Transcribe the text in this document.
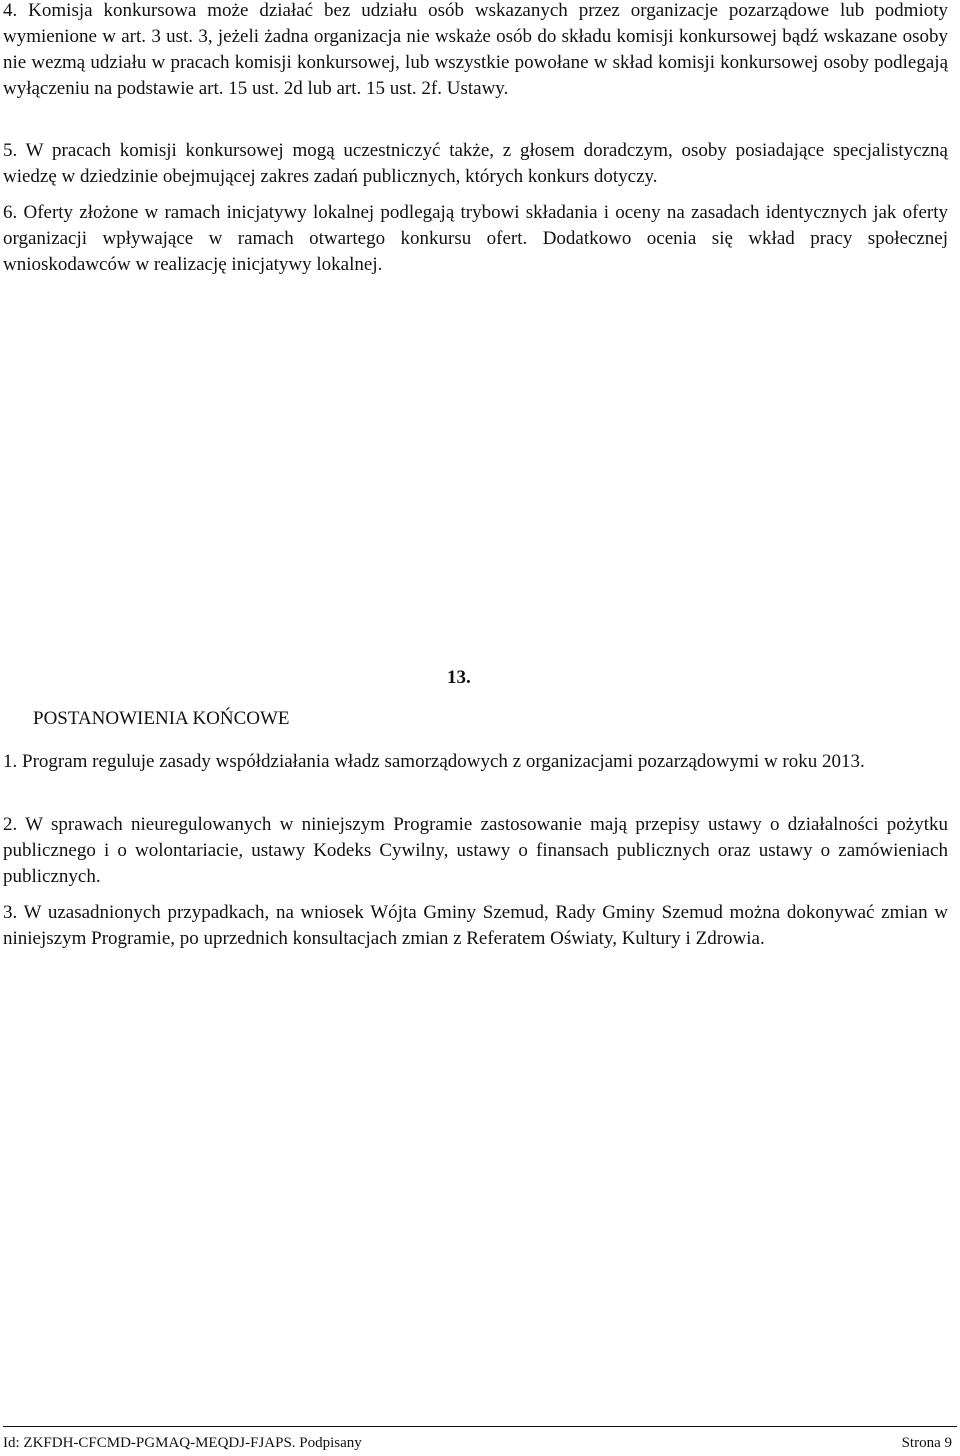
4. Komisja konkursowa może działać bez udziału osób wskazanych przez organizacje pozarządowe lub podmioty wymienione w art. 3 ust. 3, jeżeli żadna organizacja nie wskaże osób do składu komisji konkursowej bądź wskazane osoby nie wezmą udziału w pracach komisji konkursowej, lub wszystkie powołane w skład komisji konkursowej osoby podlegają wyłączeniu na podstawie art. 15 ust. 2d lub art. 15 ust. 2f. Ustawy.

5. W pracach komisji konkursowej mogą uczestniczyć także, z głosem doradczym, osoby posiadające specjalistyczną wiedzę w dziedzinie obejmującej zakres zadań publicznych, których konkurs dotyczy.

6. Oferty złożone w ramach inicjatywy lokalnej podlegają trybowi składania i oceny na zasadach identycznych jak oferty organizacji wpływające w ramach otwartego konkursu ofert. Dodatkowo ocenia się wkład pracy społecznej wnioskodawców w realizację inicjatywy lokalnej.

13.

POSTANOWIENIA KOŃCOWE

1. Program reguluje zasady współdziałania władz samorządowych z organizacjami pozarządowymi w roku 2013.

2. W sprawach nieuregulowanych w niniejszym Programie zastosowanie mają przepisy ustawy o działalności pożytku publicznego i o wolontariacie, ustawy Kodeks Cywilny, ustawy o finansach publicznych oraz ustawy o zamówieniach publicznych.

3. W uzasadnionych przypadkach, na wniosek Wójta Gminy Szemud, Rady Gminy Szemud można dokonywać zmian w niniejszym Programie, po uprzednich konsultacjach zmian z Referatem Oświaty, Kultury i Zdrowia.

Id: ZKFDH-CFCMD-PGMAQ-MEQDJ-FJAPS. Podpisany	Strona 9
